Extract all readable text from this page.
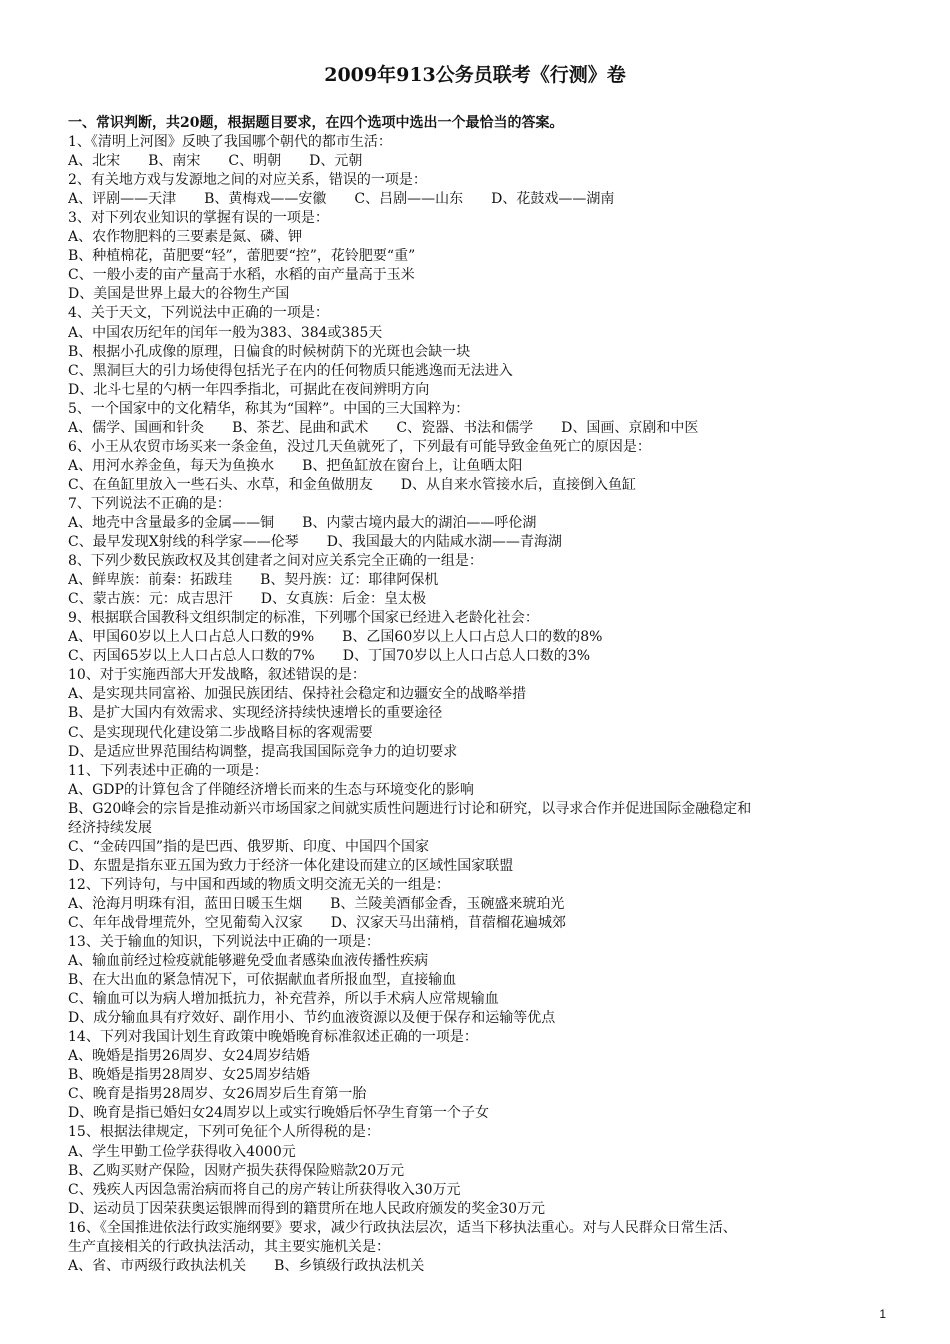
2009年913公务员联考《行测》卷
一、常识判断，共20题，根据题目要求，在四个选项中选出一个最恰当的答案。
1、《清明上河图》反映了我国哪个朝代的都市生活：
A、北宋 B、南宋 C、明朝 D、元朝
2、有关地方戏与发源地之间的对应关系，错误的一项是：
A、评剧——天津 B、黄梅戏——安徽 C、吕剧——山东 D、花鼓戏——湖南
3、对下列农业知识的掌握有误的一项是：
A、农作物肥料的三要素是氮、磷、钾
B、种植棉花，苗肥要“轻”，蕾肥要“控”，花铃肥要“重”
C、一般小麦的亩产量高于水稻，水稻的亩产量高于玉米
D、美国是世界上最大的谷物生产国
4、关于天文，下列说法中正确的一项是：
A、中国农历纪年的闰年一般为383、384或385天
B、根据小孔成像的原理，日偏食的时候树荫下的光斑也会缺一块
C、黑洞巨大的引力场使得包括光子在内的任何物质只能逃逸而无法进入
D、北斗七星的勺柄一年四季指北，可据此在夜间辨明方向
5、一个国家中的文化精华，称其为“国粹”。中国的三大国粹为：
A、儒学、国画和针灸 B、茶艺、昆曲和武术 C、瓷器、书法和儒学 D、国画、京剧和中医
6、小王从农贸市场买来一条金鱼，没过几天鱼就死了，下列最有可能导致金鱼死亡的原因是：
A、用河水养金鱼，每天为鱼换水 B、把鱼缸放在窗台上，让鱼晒太阳
C、在鱼缸里放入一些石头、水草，和金鱼做朋友 D、从自来水管接水后，直接倒入鱼缸
7、下列说法不正确的是：
A、地壳中含量最多的金属——铜 B、内蒙古境内最大的湖泊——呼伦湖
C、最早发现X射线的科学家——伦琴 D、我国最大的内陆咸水湖——青海湖
8、下列少数民族政权及其创建者之间对应关系完全正确的一组是：
A、鲜卑族：前秦：拓跋珪 B、契丹族：辽：耶律阿保机
C、蒙古族：元：成吉思汗 D、女真族：后金：皇太极
9、根据联合国教科文组织制定的标准，下列哪个国家已经进入老龄化社会：
A、甲国60岁以上人口占总人口数的9% B、乙国60岁以上人口占总人口的数的8%
C、丙国65岁以上人口占总人口数的7% D、丁国70岁以上人口占总人口数的3%
10、对于实施西部大开发战略，叙述错误的是：
A、是实现共同富裕、加强民族团结、保持社会稳定和边疆安全的战略举措
B、是扩大国内有效需求、实现经济持续快速增长的重要途径
C、是实现现代化建设第二步战略目标的客观需要
D、是适应世界范围结构调整，提高我国国际竞争力的迫切要求
11、下列表述中正确的一项是：
A、GDP的计算包含了伴随经济增长而来的生态与环境变化的影响
B、G20峰会的宗旨是推动新兴市场国家之间就实质性问题进行讨论和研究，以寻求合作并促进国际金融稳定和
经济持续发展
C、“金砖四国”指的是巴西、俄罗斯、印度、中国四个国家
D、东盟是指东亚五国为致力于经济一体化建设而建立的区域性国家联盟
12、下列诗句，与中国和西域的物质文明交流无关的一组是：
A、沧海月明珠有泪，蓝田日暖玉生烟 B、兰陵美酒郁金香，玉碗盛来琥珀光
C、年年战骨埋荒外，空见葡萄入汉家 D、汉家天马出蒲梢，苜蓿榴花遍城郊
13、关于输血的知识，下列说法中正确的一项是：
A、输血前经过检疫就能够避免受血者感染血液传播性疾病
B、在大出血的紧急情况下，可依据献血者所报血型，直接输血
C、输血可以为病人增加抵抗力，补充营养，所以手术病人应常规输血
D、成分输血具有疗效好、副作用小、节约血液资源以及便于保存和运输等优点
14、下列对我国计划生育政策中晚婚晚育标准叙述正确的一项是：
A、晚婚是指男26周岁、女24周岁结婚
B、晚婚是指男28周岁、女25周岁结婚
C、晚育是指男28周岁、女26周岁后生育第一胎
D、晚育是指已婚妇女24周岁以上或实行晚婚后怀孕生育第一个子女
15、根据法律规定，下列可免征个人所得税的是：
A、学生甲勤工俭学获得收入4000元
B、乙购买财产保险，因财产损失获得保险赔款20万元
C、残疾人丙因急需治病而将自己的房产转让所获得收入30万元
D、运动员丁因荣获奥运银牌而得到的籍贯所在地人民政府颁发的奖金30万元
16、《全国推进依法行政实施纲要》要求，减少行政执法层次，适当下移执法重心。对与人民群众日常生活、
生产直接相关的行政执法活动，其主要实施机关是：
A、省、市两级行政执法机关 B、乡镇级行政执法机关
1
